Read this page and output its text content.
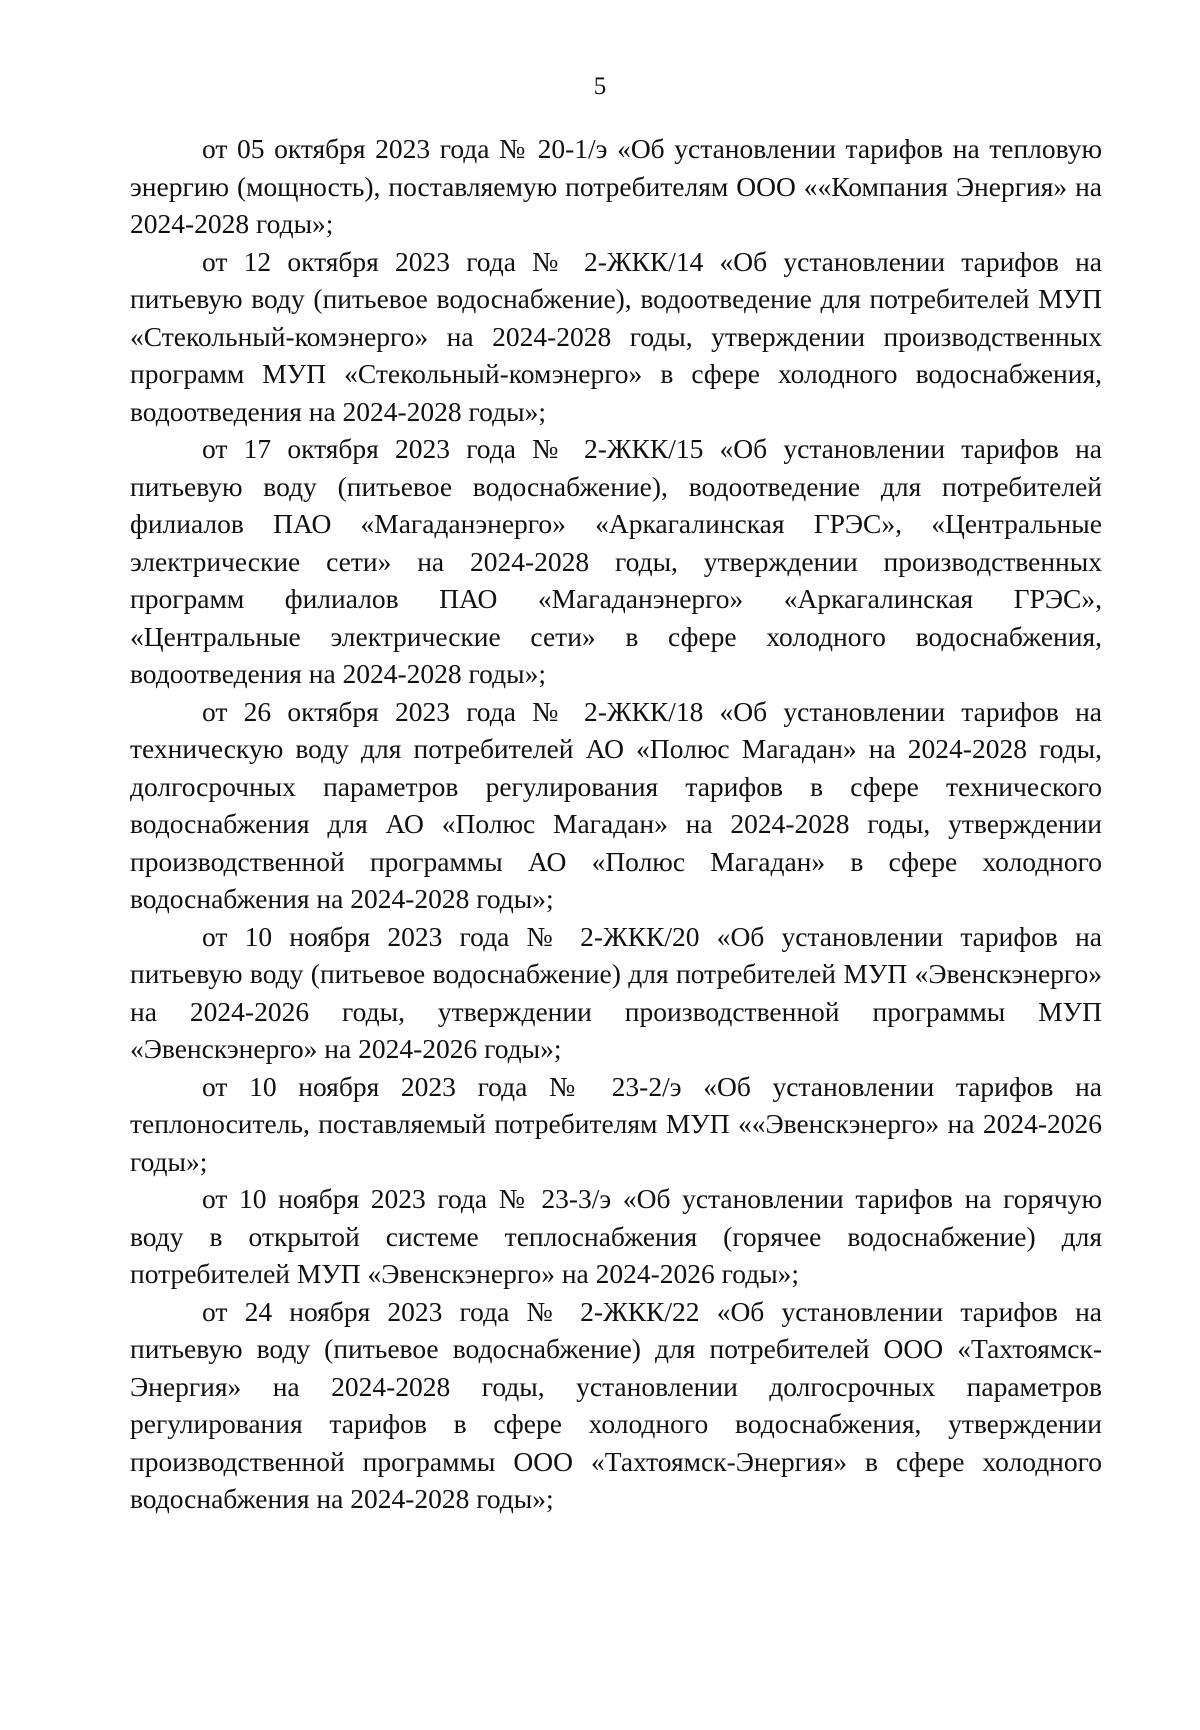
5

от 05 октября 2023 года № 20-1/э «Об установлении тарифов на тепловую энергию (мощность), поставляемую потребителям ООО ««Компания Энергия» на 2024-2028 годы»;

от 12 октября 2023 года № 2-ЖКК/14 «Об установлении тарифов на питьевую воду (питьевое водоснабжение), водоотведение для потребителей МУП «Стекольный-комэнерго» на 2024-2028 годы, утверждении производственных программ МУП «Стекольный-комэнерго» в сфере холодного водоснабжения, водоотведения на 2024-2028 годы»;

от 17 октября 2023 года № 2-ЖКК/15 «Об установлении тарифов на питьевую воду (питьевое водоснабжение), водоотведение для потребителей филиалов ПАО «Магаданэнерго» «Аркагалинская ГРЭС», «Центральные электрические сети» на 2024-2028 годы, утверждении производственных программ филиалов ПАО «Магаданэнерго» «Аркагалинская ГРЭС», «Центральные электрические сети» в сфере холодного водоснабжения, водоотведения на 2024-2028 годы»;

от 26 октября 2023 года № 2-ЖКК/18 «Об установлении тарифов на техническую воду для потребителей АО «Полюс Магадан» на 2024-2028 годы, долгосрочных параметров регулирования тарифов в сфере технического водоснабжения для АО «Полюс Магадан» на 2024-2028 годы, утверждении производственной программы АО «Полюс Магадан» в сфере холодного водоснабжения на 2024-2028 годы»;

от 10 ноября 2023 года № 2-ЖКК/20 «Об установлении тарифов на питьевую воду (питьевое водоснабжение) для потребителей МУП «Эвенскэнерго» на 2024-2026 годы, утверждении производственной программы МУП «Эвенскэнерго» на 2024-2026 годы»;

от 10 ноября 2023 года № 23-2/э «Об установлении тарифов на теплоноситель, поставляемый потребителям МУП ««Эвенскэнерго» на 2024-2026 годы»;

от 10 ноября 2023 года № 23-3/э «Об установлении тарифов на горячую воду в открытой системе теплоснабжения (горячее водоснабжение) для потребителей МУП «Эвенскэнерго» на 2024-2026 годы»;

от 24 ноября 2023 года № 2-ЖКК/22 «Об установлении тарифов на питьевую воду (питьевое водоснабжение) для потребителей ООО «Тахтоямск-Энергия» на 2024-2028 годы, установлении долгосрочных параметров регулирования тарифов в сфере холодного водоснабжения, утверждении производственной программы ООО «Тахтоямск-Энергия» в сфере холодного водоснабжения на 2024-2028 годы»;
